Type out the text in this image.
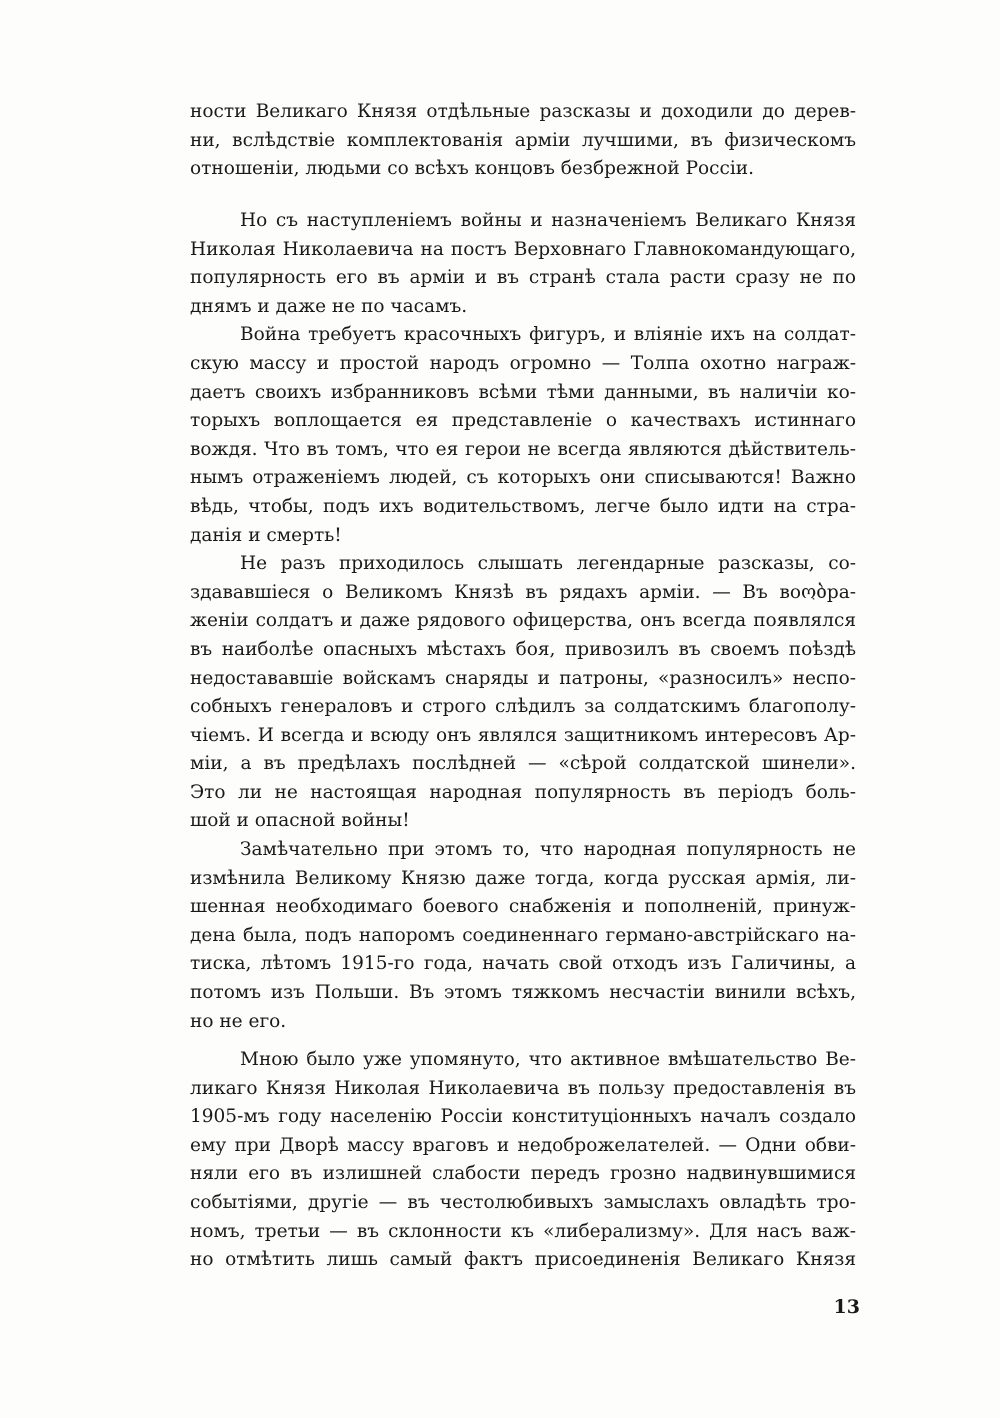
ности Великаго Князя отдѣльные разсказы и доходили до дерев-
ни, вслѣдствіе комплектованія арміи лучшими, въ физическомъ
отношеніи, людьми со всѣхъ концовъ безбрежной Россіи.
Но съ наступленіемъ войны и назначеніемъ Великаго Князя
Николая Николаевича на постъ Верховнаго Главнокомандующаго,
популярность его въ арміи и въ странѣ стала расти сразу не по
днямъ и даже не по часамъ.
Война требуетъ красочныхъ фигуръ, и вліяніе ихъ на солдат-
скую массу и простой народъ огромно — Толпа охотно награж-
даетъ своихъ избранниковъ всѣми тѣми данными, въ наличіи ко-
торыхъ воплощается ея представленіе о качествахъ истиннаго
вождя. Что въ томъ, что ея герои не всегда являются дѣйствитель-
нымъ отраженіемъ людей, съ которыхъ они списываются! Важно
вѣдь, чтобы, подъ ихъ водительствомъ, легче было идти на стра-
данія и смерть!
Не разъ приходилось слышать легендарные разсказы, со-
здававшіеся о Великомъ Князѣ въ рядахъ арміи. — Въ воობра-
женіи солдатъ и даже рядового офицерства, онъ всегда появлялся
въ наиболѣе опасныхъ мѣстахъ боя, привозилъ въ своемъ поѣздѣ
недостававшіе войскамъ снаряды и патроны, «разносилъ» неспо-
собныхъ генераловъ и строго слѣдилъ за солдатскимъ благополу-
чіемъ. И всегда и всюду онъ являлся защитникомъ интересовъ Ар-
міи, а въ предѣлахъ послѣдней — «сѣрой солдатской шинели».
Это ли не настоящая народная популярность въ періодъ боль-
шой и опасной войны!
Замѣчательно при этомъ то, что народная популярность не
измѣнила Великому Князю даже тогда, когда русская армія, ли-
шенная необходимаго боевого снабженія и пополненій, принуж-
дена была, подъ напоромъ соединеннаго германо-австрійскаго на-
тиска, лѣтомъ 1915-го года, начать свой отходъ изъ Галичины, а
потомъ изъ Польши. Въ этомъ тяжкомъ несчастіи винили всѣхъ,
но не его.
Мною было уже упомянуто, что активное вмѣшательство Ве-
ликаго Князя Николая Николаевича въ пользу предоставленія въ
1905-мъ году населенію Россіи конституціонныхъ началъ создало
ему при Дворѣ массу враговъ и недоброжелателей. — Одни обви-
няли его въ излишней слабости передъ грозно надвинувшимися
событіями, другіе — въ честолюбивыхъ замыслахъ овладѣть тро-
номъ, третьи — въ склонности къ «либерализму». Для насъ важ-
но отмѣтить лишь самый фактъ присоединенія Великаго Князя
13
